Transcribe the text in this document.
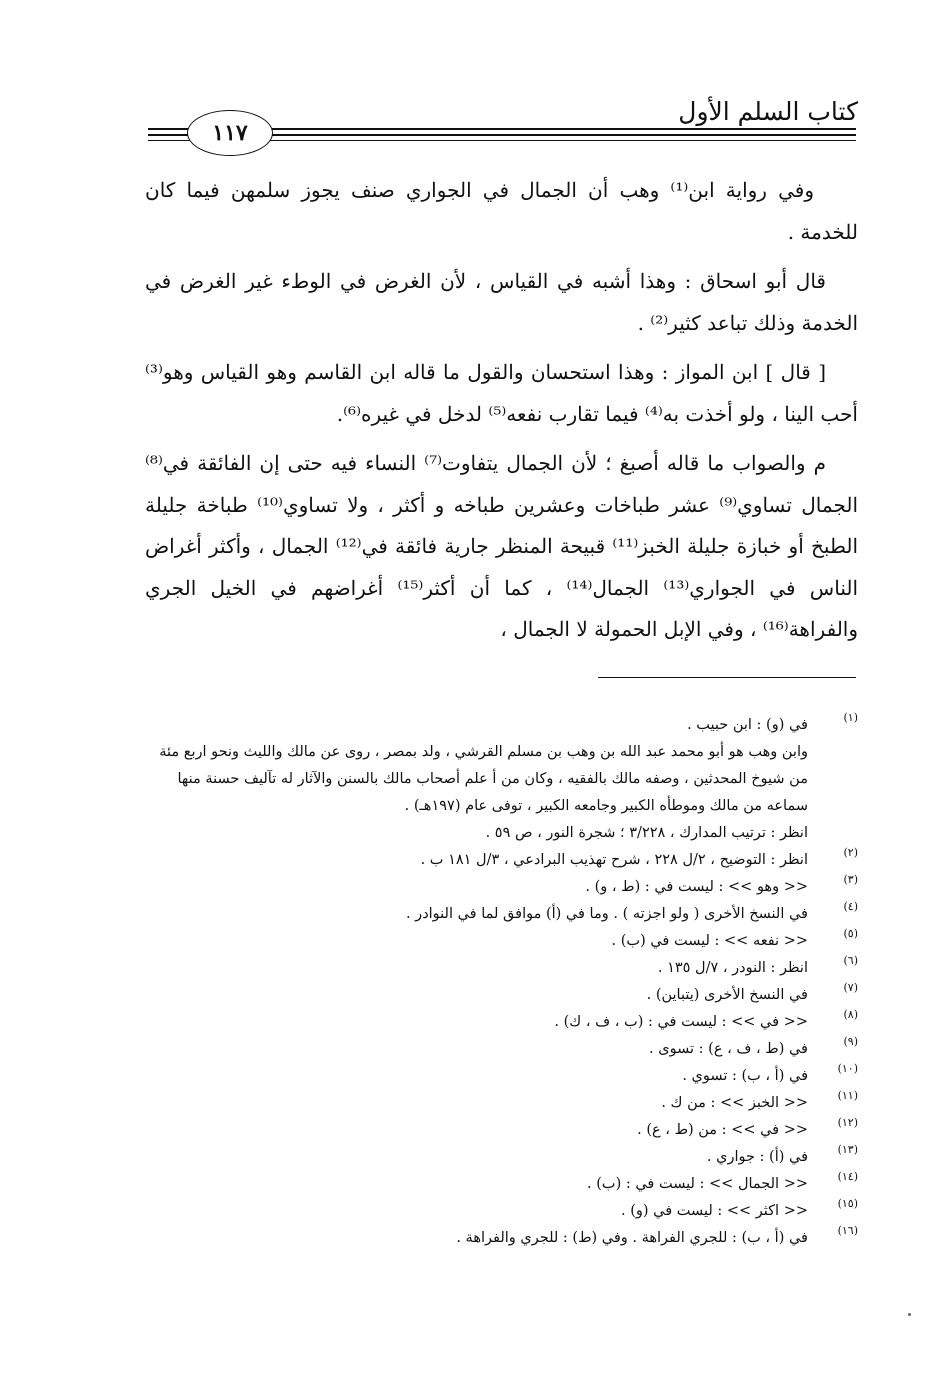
كتاب السلم الأول
١١٧

وفي رواية ابن⁽¹⁾ وهب أن الجمال في الجواري صنف يجوز سلمهن فيما كان للخدمة .

قال أبو اسحاق : وهذا أشبه في القياس ، لأن الغرض في الوطء غير الغرض في الخدمة وذلك تباعد كثير⁽²⁾ .

[ قال ] ابن المواز : وهذا استحسان والقول ما قاله ابن القاسم وهو القياس وهو⁽³⁾ أحب الينا ، ولو أخذت به⁽⁴⁾ فيما تقارب نفعه⁽⁵⁾ لدخل في غيره⁽⁶⁾.

م والصواب ما قاله أصبغ ؛ لأن الجمال يتفاوت⁽⁷⁾ النساء فيه حتى إن الفائقة في⁽⁸⁾ الجمال تساوي⁽⁹⁾ عشر طباخات وعشرين طباخه و أكثر ، ولا تساوي⁽¹⁰⁾ طباخة جليلة الطبخ أو خبازة جليلة الخبز⁽¹¹⁾ قبيحة المنظر جارية فائقة في⁽¹²⁾ الجمال ، وأكثر أغراض الناس في الجواري⁽¹³⁾ الجمال⁽¹⁴⁾ ، كما أن أكثر⁽¹⁵⁾ أغراضهم في الخيل الجري والفراهة⁽¹⁶⁾ ، وفي الإبل الحمولة لا الجمال ،

(١)
في (و) : ابن حبيب .
وابن وهب هو أبو محمد عبد الله بن وهب بن مسلم القرشي ، ولد بمصر ، روى عن مالك والليث ونحو اربع مئة من شيوخ المحدثين ، وصفه مالك بالفقيه ، وكان من أ علم أصحاب مالك بالسنن والآثار له تآليف حسنة منها سماعه من مالك وموطأه الكبير وجامعه الكبير ، توفى عام (١٩٧هـ) .
انظر : ترتيب المدارك ، ٣/٢٢٨ ؛ شجرة النور ، ص ٥٩ .
(٢)
انظر : التوضيح ، ٢/ل ٢٢٨ ، شرح تهذيب البرادعي ، ٣/ل ١٨١ ب .
(٣)
<< وهو >> : ليست في : (ط ، و) .
(٤)
في النسخ الأخرى ( ولو اجزته ) . وما في (أ) موافق لما في النوادر .
(٥)
<< نفعه >> : ليست في (ب) .
(٦)
انظر : النودر ، ٧/ل ١٣٥ .
(٧)
في النسخ الأخرى (يتباين) .
(٨)
<< في >> : ليست في : (ب ، ف ، ك) .
(٩)
في (ط ، ف ، ع) : تسوى .
(١٠)
في (أ ، ب) : تسوي .
(١١)
<< الخبز >> : من ك .
(١٢)
<< في >> : من (ط ، ع) .
(١٣)
في (أ) : جواري .
(١٤)
<< الجمال >> : ليست في : (ب) .
(١٥)
<< اكثر >> : ليست في (و) .
(١٦)
في (أ ، ب) : للجري الفراهة . وفي (ط) : للجري والفراهة .
